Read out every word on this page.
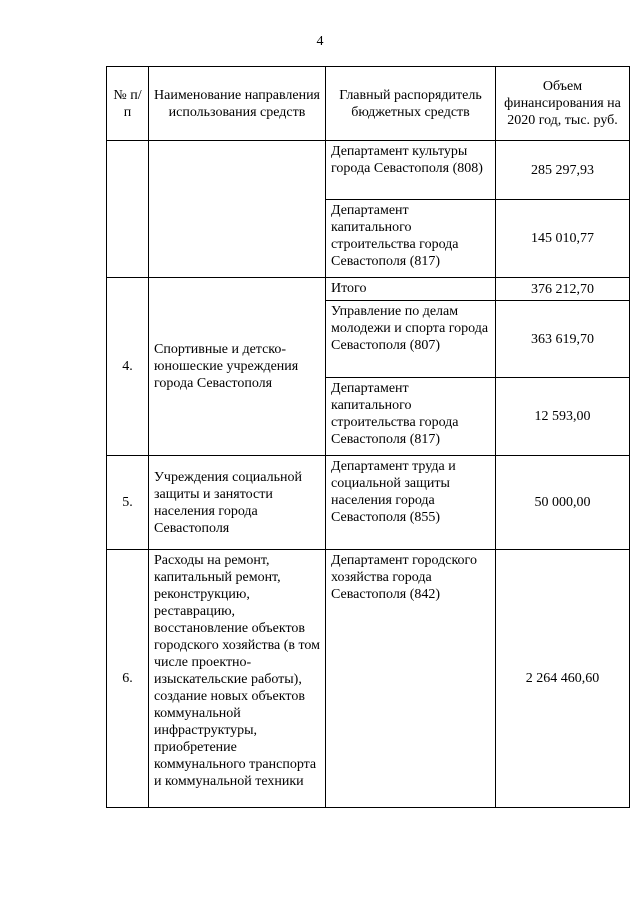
4
№ п/п	Наименование направления использования средств	Главный распорядитель бюджетных средств	Объем финансирования на 2020 год, тыс. руб.
		Департамент культуры города Севастополя (808)	285 297,93
		Департамент капитального строительства города Севастополя (817)	145 010,77
4.	Спортивные и детско-юношеские учреждения города Севастополя	Итого	376 212,70
		Управление по делам молодежи и спорта города Севастополя (807)	363 619,70
		Департамент капитального строительства города Севастополя (817)	12 593,00
5.	Учреждения социальной защиты и занятости населения города Севастополя	Департамент труда и социальной защиты населения города Севастополя (855)	50 000,00
6.	Расходы на ремонт, капитальный ремонт, реконструкцию, реставрацию, восстановление объектов городского хозяйства (в том числе проектно-изыскательские работы), создание новых объектов коммунальной инфраструктуры, приобретение коммунального транспорта и коммунальной техники	Департамент городского хозяйства города Севастополя (842)	2 264 460,60
